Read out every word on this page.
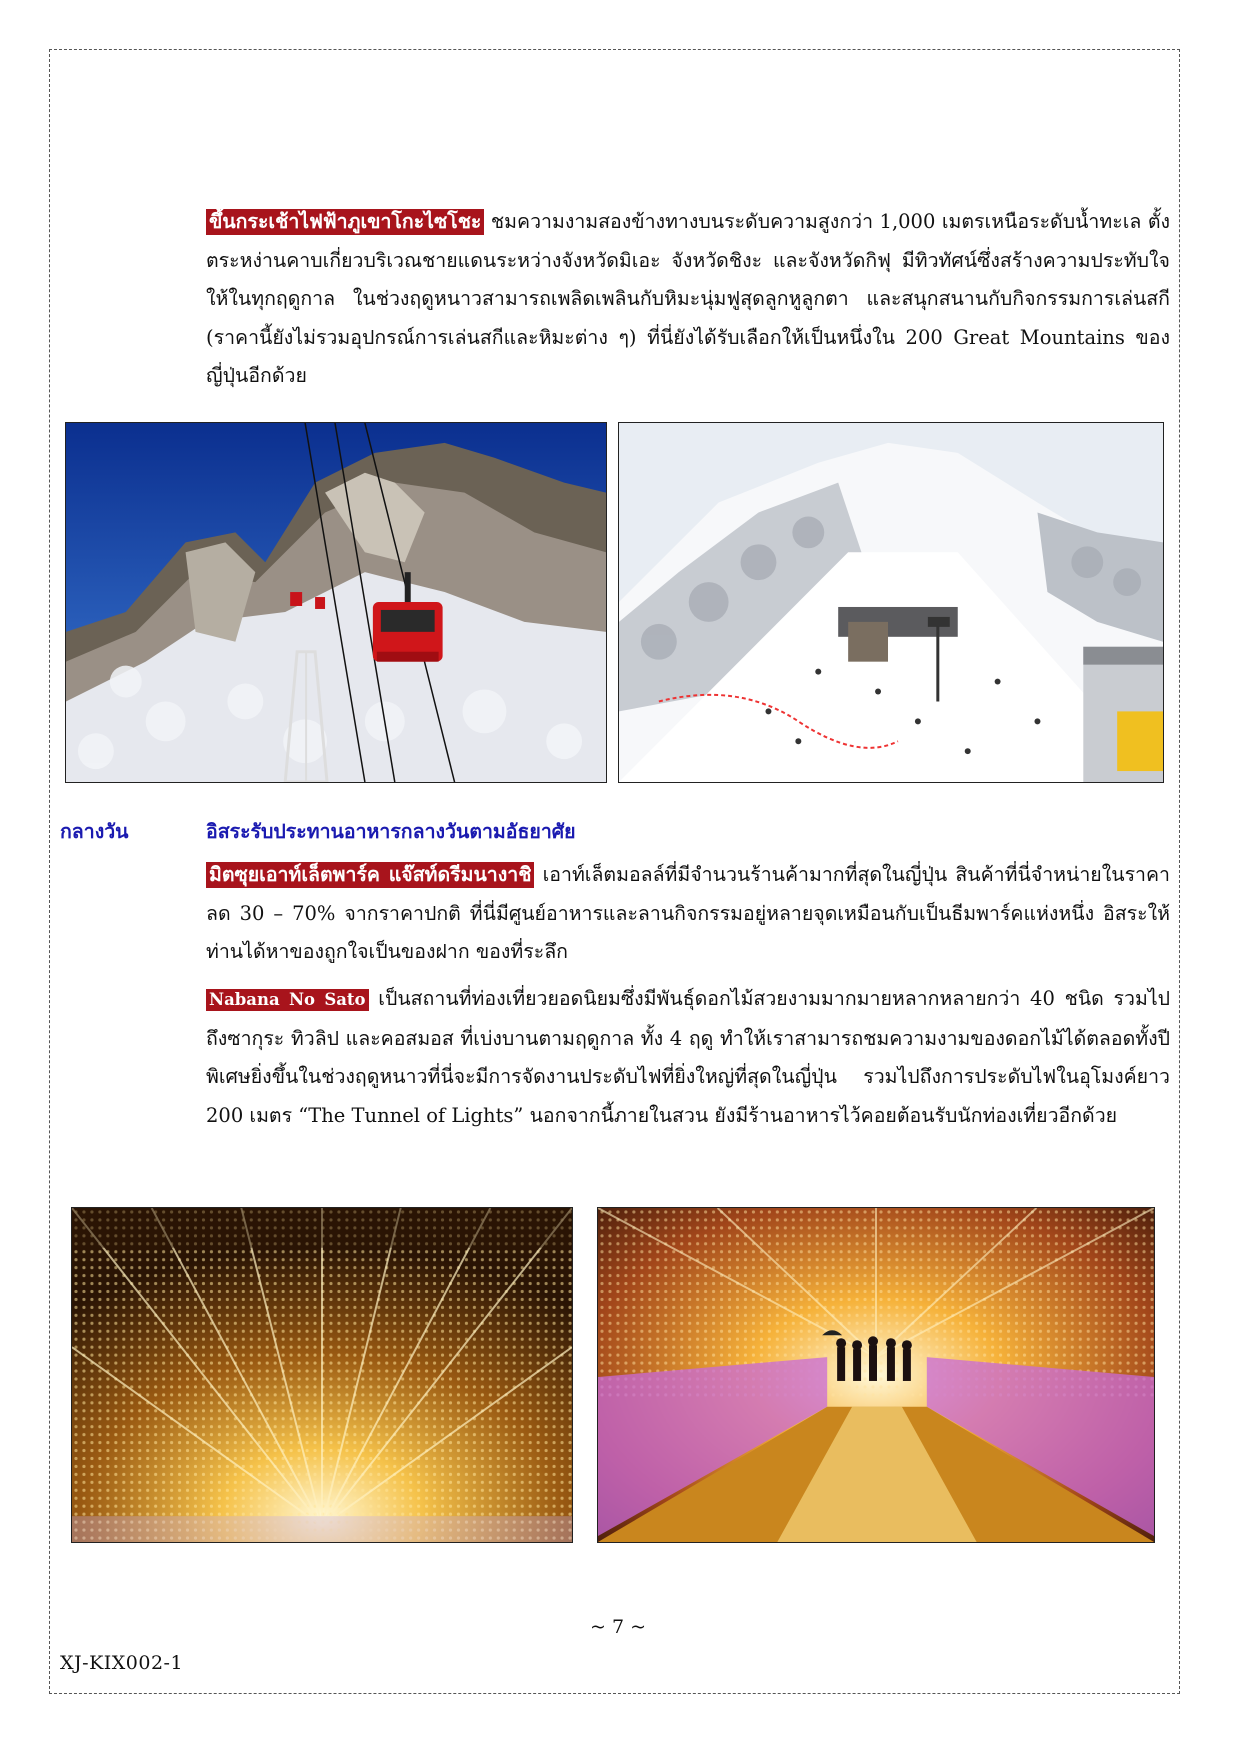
ขึ้นกระเช้าไฟฟ้าภูเขาโกะไซโชะ ชมความงามสองข้างทางบนระดับความสูงกว่า 1,000 เมตรเหนือระดับน้ำทะเล ตั้งตระหง่านคาบเกี่ยวบริเวณชายแดนระหว่างจังหวัดมิเอะ จังหวัดชิงะ และจังหวัดกิฟุ มีทิวทัศน์ซึ่งสร้างความประทับใจให้ในทุกฤดูกาล ในช่วงฤดูหนาวสามารถเพลิดเพลินกับหิมะนุ่มฟูสุดลูกหูลูกตา และสนุกสนานกับกิจกรรมการเล่นสกี (ราคานี้ยังไม่รวมอุปกรณ์การเล่นสกีและหิมะต่าง ๆ) ที่นี่ยังได้รับเลือกให้เป็นหนึ่งใน 200 Great Mountains ของญี่ปุ่นอีกด้วย

กลางวัน	อิสระรับประทานอาหารกลางวันตามอัธยาศัย

มิตซุยเอาท์เล็ตพาร์ค แจ๊สท์ดรีมนางาชิ เอาท์เล็ตมอลล์ที่มีจำนวนร้านค้ามากที่สุดในญี่ปุ่น สินค้าที่นี่จำหน่ายในราคาลด 30 – 70% จากราคาปกติ ที่นี่มีศูนย์อาหารและลานกิจกรรมอยู่หลายจุดเหมือนกับเป็นธีมพาร์คแห่งหนึ่ง อิสระให้ท่านได้หาของถูกใจเป็นของฝาก ของที่ระลึก

Nabana No Sato เป็นสถานที่ท่องเที่ยวยอดนิยมซึ่งมีพันธุ์ดอกไม้สวยงามมากมายหลากหลายกว่า 40 ชนิด รวมไปถึงซากุระ ทิวลิป และคอสมอส ที่เบ่งบานตามฤดูกาล ทั้ง 4 ฤดู ทำให้เราสามารถชมความงามของดอกไม้ได้ตลอดทั้งปี พิเศษยิ่งขึ้นในช่วงฤดูหนาวที่นี่จะมีการจัดงานประดับไฟที่ยิ่งใหญ่ที่สุดในญี่ปุ่น รวมไปถึงการประดับไฟในอุโมงค์ยาว 200 เมตร “The Tunnel of Lights” นอกจากนี้ภายในสวน ยังมีร้านอาหารไว้คอยต้อนรับนักท่องเที่ยวอีกด้วย

~ 7 ~
XJ-KIX002-1
